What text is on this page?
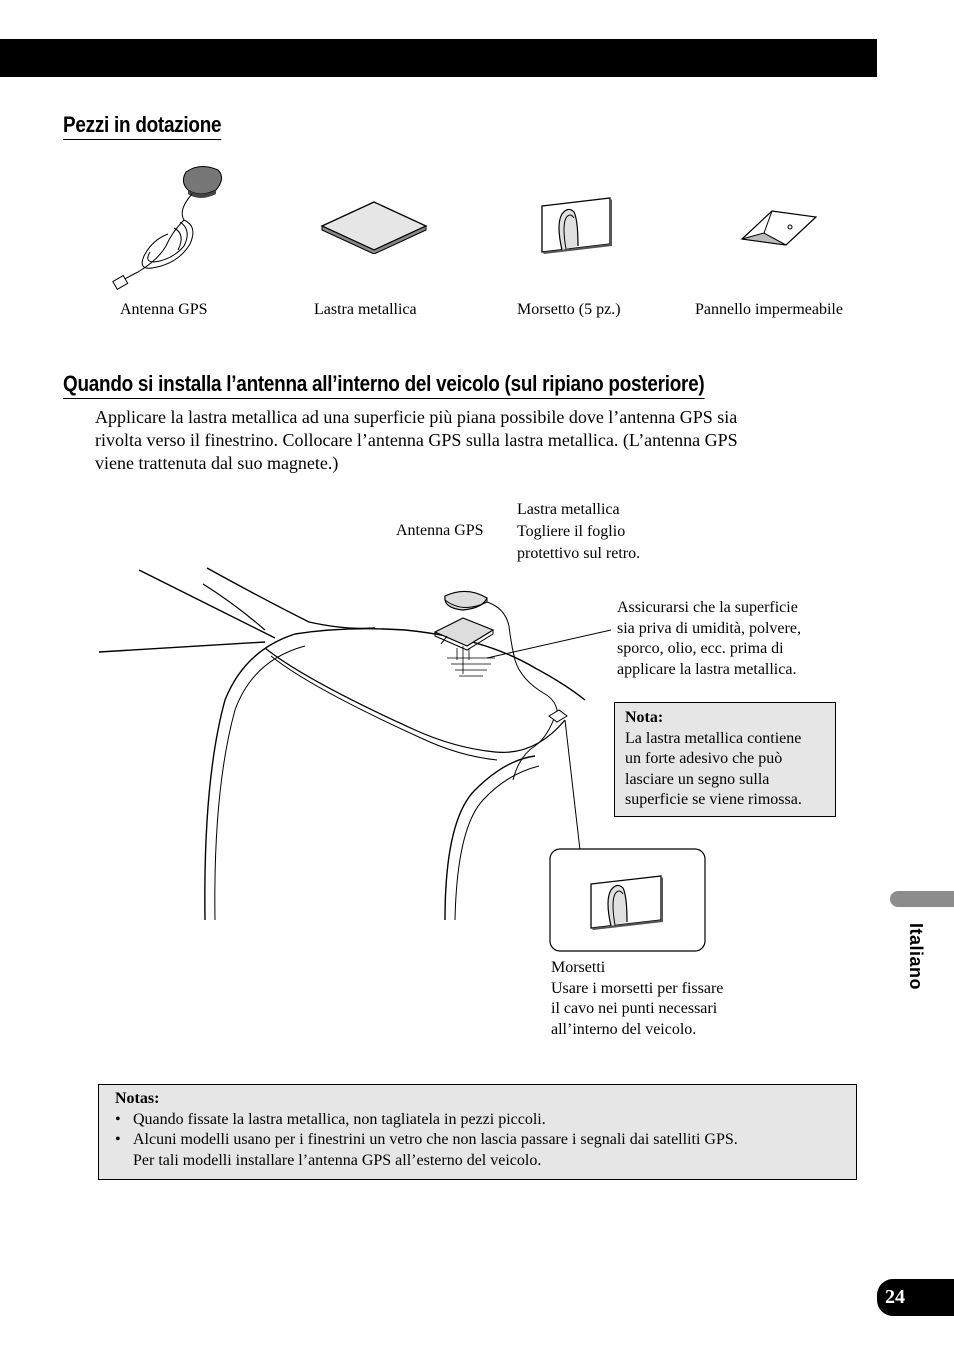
Pezzi in dotazione
Antenna GPS	Lastra metallica	Morsetto (5 pz.)	Pannello impermeabile
Quando si installa l’antenna all’interno del veicolo (sul ripiano posteriore)
Applicare la lastra metallica ad una superficie più piana possibile dove l’antenna GPS sia
rivolta verso il finestrino. Collocare l’antenna GPS sulla lastra metallica. (L’antenna GPS
viene trattenuta dal suo magnete.)
Antenna GPS
Lastra metallica
Togliere il foglio
protettivo sul retro.
Assicurarsi che la superficie
sia priva di umidità, polvere,
sporco, olio, ecc. prima di
applicare la lastra metallica.
Nota:
La lastra metallica contiene
un forte adesivo che può
lasciare un segno sulla
superficie se viene rimossa.
Morsetti
Usare i morsetti per fissare
il cavo nei punti necessari
all’interno del veicolo.
Notas:
• Quando fissate la lastra metallica, non tagliatela in pezzi piccoli.
• Alcuni modelli usano per i finestrini un vetro che non lascia passare i segnali dai satelliti GPS.
Per tali modelli installare l’antenna GPS all’esterno del veicolo.
Italiano
24
